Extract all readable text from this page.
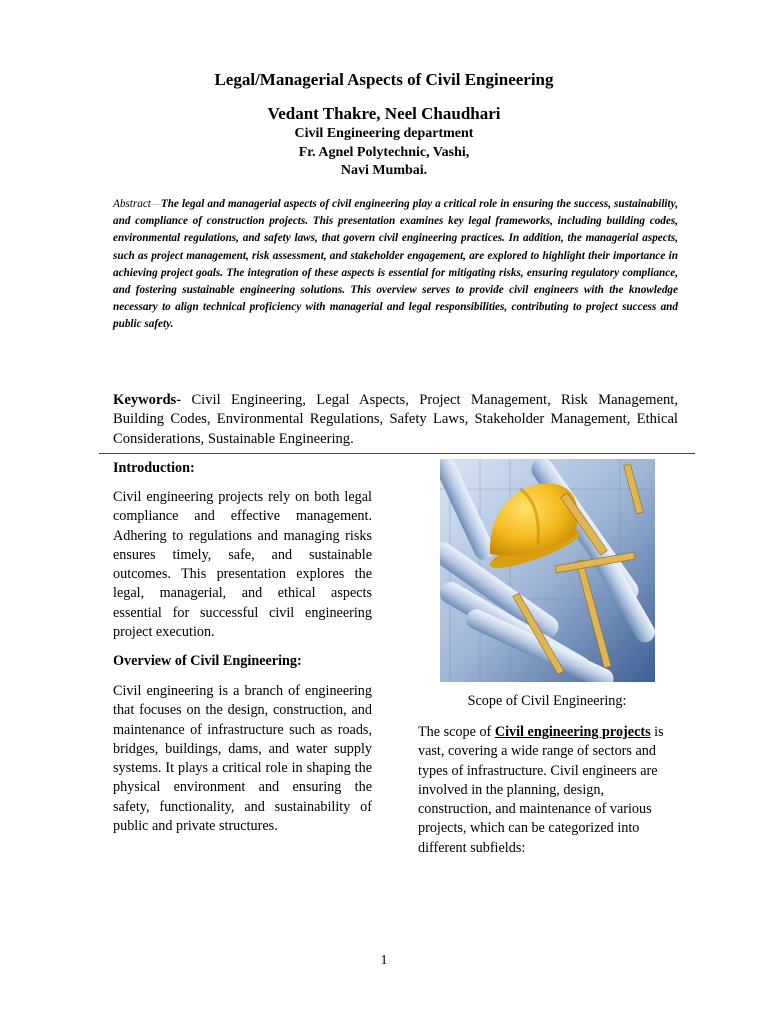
Legal/Managerial Aspects of Civil Engineering
Vedant Thakre, Neel Chaudhari
Civil Engineering department
Fr. Agnel Polytechnic, Vashi,
Navi Mumbai.
Abstract—The legal and managerial aspects of civil engineering play a critical role in ensuring the success, sustainability, and compliance of construction projects. This presentation examines key legal frameworks, including building codes, environmental regulations, and safety laws, that govern civil engineering practices. In addition, the managerial aspects, such as project management, risk assessment, and stakeholder engagement, are explored to highlight their importance in achieving project goals. The integration of these aspects is essential for mitigating risks, ensuring regulatory compliance, and fostering sustainable engineering solutions. This overview serves to provide civil engineers with the knowledge necessary to align technical proficiency with managerial and legal responsibilities, contributing to project success and public safety.
Keywords- Civil Engineering, Legal Aspects, Project Management, Risk Management, Building Codes, Environmental Regulations, Safety Laws, Stakeholder Management, Ethical Considerations, Sustainable Engineering.
Introduction:

Civil engineering projects rely on both legal compliance and effective management. Adhering to regulations and managing risks ensures timely, safe, and sustainable outcomes. This presentation explores the legal, managerial, and ethical aspects essential for successful civil engineering project execution.

Overview of Civil Engineering:

Civil engineering is a branch of engineering that focuses on the design, construction, and maintenance of infrastructure such as roads, bridges, buildings, dams, and water supply systems. It plays a critical role in shaping the physical environment and ensuring the safety, functionality, and sustainability of public and private structures.

Scope of Civil Engineering:
The scope of Civil engineering projects is vast, covering a wide range of sectors and types of infrastructure. Civil engineers are involved in the planning, design, construction, and maintenance of various projects, which can be categorized into different subfields:
1
